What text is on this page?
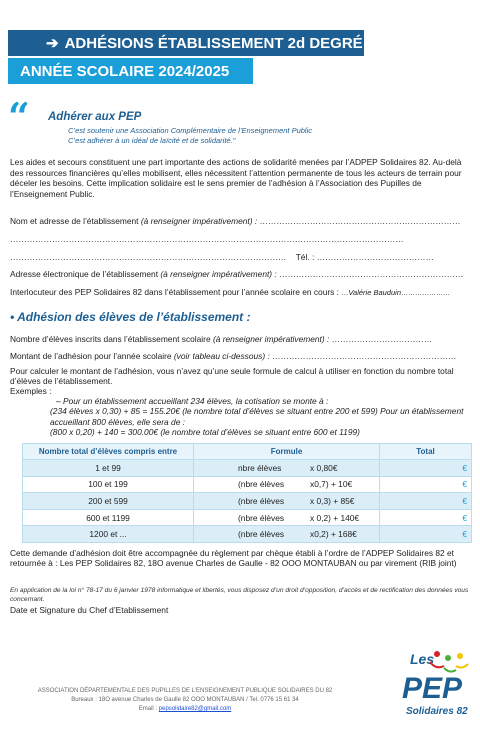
➔ ADHÉSIONS ÉTABLISSEMENT 2d DEGRÉ
ANNÉE SCOLAIRE 2024/2025
“ Adhérer aux PEP
C’est soutenir une Association Complémentaire de l’Enseignement Public
C’est adhérer à un idéal de laïcité et de solidarité."
Les aides et secours constituent une part importante des actions de solidarité menées par l’ADPEP Solidaires 82. Au-delà des ressources financières qu’elles mobilisent, elles nécessitent l’attention permanente de tous les acteurs de terrain pour déceler les besoins. Cette implication solidaire est le sens premier de l’adhésion à l’Association des Pupilles de l’Enseignement Public.
Nom et adresse de l’établissement (à renseigner impérativement) : ………………………………………………………………
……………………………………………………………………………………………………………………………
……………………………………………………………………………………… Tél. : ……………………………………
Adresse électronique de l’établissement (à renseigner impérativement) : …………………………………………………………
Interlocuteur des PEP Solidaires 82 dans l’établissement pour l’année scolaire en cours : …Valérie Bauduin…………………
• Adhésion des élèves de l’établissement :
Nombre d’élèves inscrits dans l’établissement scolaire (à renseigner impérativement) : ………………………………
Montant de l’adhésion pour l’année scolaire (voir tableau ci-dessous) : …………………………………………………………
Pour calculer le montant de l’adhésion, vous n’avez qu’une seule formule de calcul à utiliser en fonction du nombre total d’élèves de l’établissement.
Exemples :
– Pour un établissement accueillant 234 élèves, la cotisation se monte à :
(234 élèves x 0,30) + 85 = 155.20€ (le nombre total d’élèves se situant entre 200 et 599) Pour un établissement accueillant 800 élèves, elle sera de :
(800 x 0,20) + 140 = 300.00€ (le nombre total d’élèves se situant entre 600 et 1199)
Nombre total d’élèves compris entre	Formule	Total
1 et 99	nbre élèves x 0,80€	€
100 et 199	(nbre élèves x0,7) + 10€	€
200 et 599	(nbre élèves x 0,3) + 85€	€
600 et 1199	(nbre élèves x 0,2) + 140€	€
1200 et ...	(nbre élèves x0,2) + 168€	€
Cette demande d’adhésion doit être accompagnée du règlement par chèque établi à l’ordre de l’ADPEP Solidaires 82 et retournée à : Les PEP Solidaires 82, 18O avenue Charles de Gaulle - 82 OOO MONTAUBAN ou par virement (RIB joint)
En application de la loi n° 78-17 du 6 janvier 1978 informatique et libertés, vous disposez d’un droit d’opposition, d’accès et de rectification des données vous concernant.
Date et Signature du Chef d’Etablissement
Les
PEP
Solidaires 82
ASSOCIATION DÉPARTEMENTALE DES PUPILLES DE L’ENSEIGNEMENT PUBLIQUE SOLIDAIRES DU 82
Bureaux : 18O avenue Charles de Gaulle 82 OOO MONTAUBAN / Tel. 0776 15 61 34
Email : pepsolidaire82@gmail.com
